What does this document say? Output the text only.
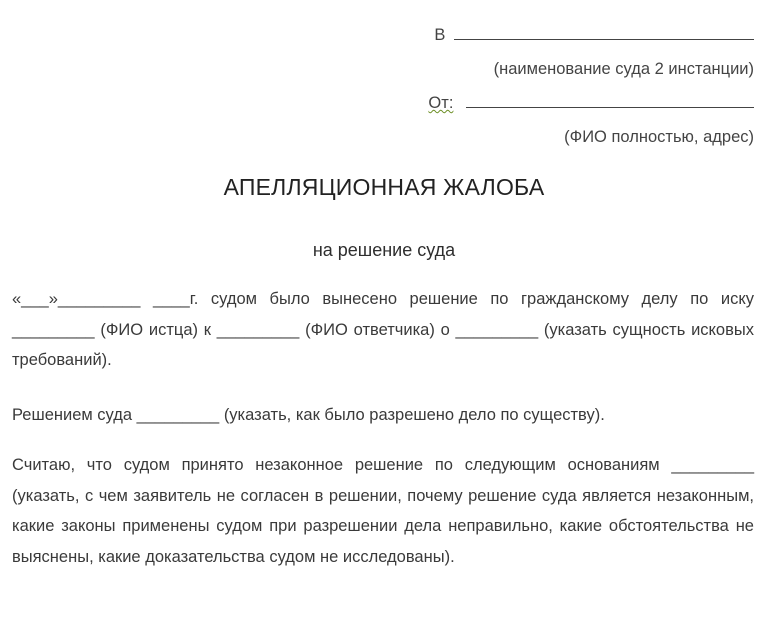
В
(наименование суда 2 инстанции)
От:
(ФИО полностью, адрес)
АПЕЛЛЯЦИОННАЯ ЖАЛОБА
на решение суда
«___»_________ ____г. судом было вынесено решение по гражданскому делу по иску _________ (ФИО истца) к _________ (ФИО ответчика) о _________ (указать сущность исковых требований).
Решением суда _________ (указать, как было разрешено дело по существу).
Считаю, что судом принято незаконное решение по следующим основаниям _________ (указать, с чем заявитель не согласен в решении, почему решение суда является незаконным, какие законы применены судом при разрешении дела неправильно, какие обстоятельства не выяснены, какие доказательства судом не исследованы).
